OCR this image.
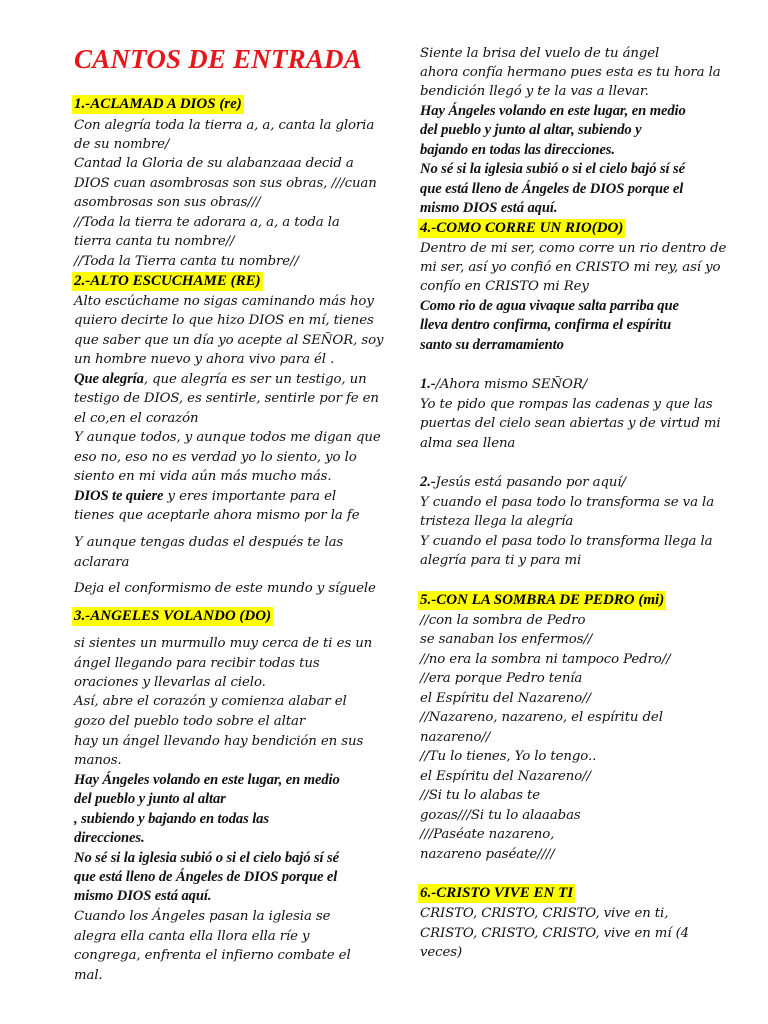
CANTOS DE ENTRADA
1.-ACLAMAD A DIOS (re)
Con alegría toda la tierra a, a, canta la gloria
de su nombre/
Cantad la Gloria de su alabanzaaa decid a
DIOS cuan asombrosas son sus obras, ///cuan
asombrosas son sus obras///
//Toda la tierra te adorara a, a, a toda la
tierra canta tu nombre//
//Toda la Tierra canta tu nombre//
2.-ALTO ESCUCHAME (RE)
Alto escúchame no sigas caminando más hoy
quiero decirte lo que hizo DIOS en mí, tienes
que saber que un día yo acepte al SEÑOR, soy
un hombre nuevo y ahora vivo para él .
Que alegría, que alegría es ser un testigo, un
testigo de DIOS, es sentirle, sentirle por fe en
el co,en el corazón
Y aunque todos, y aunque todos me digan que
eso no, eso no es verdad yo lo siento, yo lo
siento en mi vida aún más mucho más.
DIOS te quiere y eres importante para el
tienes que aceptarle ahora mismo por la fe
Y aunque tengas dudas el después te las
aclarara
Deja el conformismo de este mundo y síguele
3.-ANGELES VOLANDO (DO)
si sientes un murmullo muy cerca de ti es un
ángel llegando para recibir todas tus
oraciones y llevarlas al cielo.
Así, abre el corazón y comienza alabar el
gozo del pueblo todo sobre el altar
hay un ángel llevando hay bendición en sus
manos.
Hay Ángeles volando en este lugar, en medio
del pueblo y junto al altar
, subiendo y bajando en todas las
direcciones.
No sé si la iglesia subió o si el cielo bajó sí sé
que está lleno de Ángeles de DIOS porque el
mismo DIOS está aquí.
Cuando los Ángeles pasan la iglesia se
alegra ella canta ella llora ella ríe y
congrega, enfrenta el infierno combate el
mal.
Siente la brisa del vuelo de tu ángel
ahora confía hermano pues esta es tu hora la
bendición llegó y te la vas a llevar.
Hay Ángeles volando en este lugar, en medio
del pueblo y junto al altar, subiendo y
bajando en todas las direcciones.
No sé si la iglesia subió o si el cielo bajó sí sé
que está lleno de Ángeles de DIOS porque el
mismo DIOS está aquí.
4.-COMO CORRE UN RIO(DO)
Dentro de mi ser, como corre un rio dentro de
mi ser, así yo confió en CRISTO mi rey, así yo
confío en CRISTO mi Rey
Como rio de agua vivaque salta parriba que
lleva dentro confirma, confirma el espíritu
santo su derramamiento
1.-/Ahora mismo SEÑOR/
Yo te pido que rompas las cadenas y que las
puertas del cielo sean abiertas y de virtud mi
alma sea llena
2.-Jesús está pasando por aquí/
Y cuando el pasa todo lo transforma se va la
tristeza llega la alegría
Y cuando el pasa todo lo transforma llega la
alegría para ti y para mi
5.-CON LA SOMBRA DE PEDRO (mi)
//con la sombra de Pedro
se sanaban los enfermos//
//no era la sombra ni tampoco Pedro//
//era porque Pedro tenía
el Espíritu del Nazareno//
//Nazareno, nazareno, el espíritu del
nazareno//
//Tu lo tienes, Yo lo tengo..
el Espíritu del Nazareno//
//Si tu lo alabas te
gozas///Si tu lo alaaabas
///Paséate nazareno,
nazareno paséate////
6.-CRISTO VIVE EN TI
CRISTO, CRISTO, CRISTO, vive en ti,
CRISTO, CRISTO, CRISTO, vive en mí (4
veces)
